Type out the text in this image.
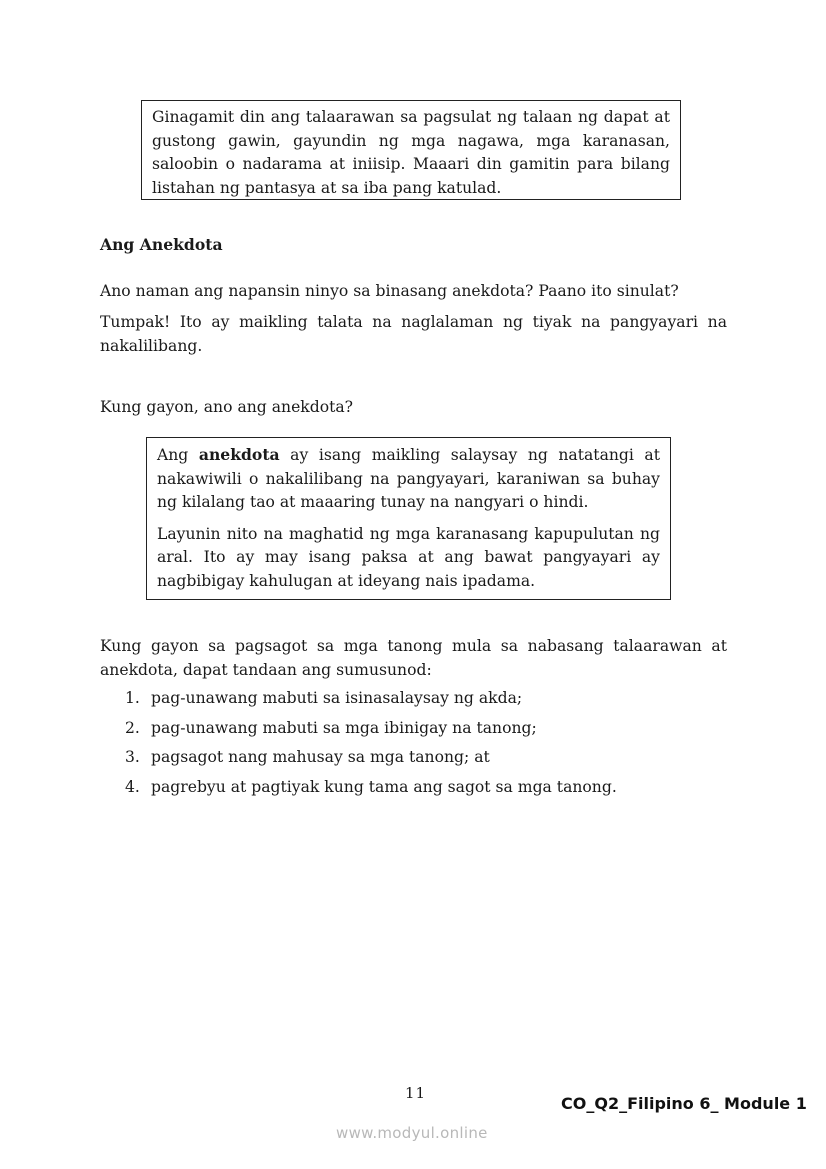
Ginagamit din ang talaarawan sa pagsulat ng talaan ng dapat at gustong gawin, gayundin ng mga nagawa, mga karanasan, saloobin o nadarama at iniisip. Maaari din gamitin para bilang listahan ng pantasya at sa iba pang katulad.

Ang Anekdota

Ano naman ang napansin ninyo sa binasang anekdota? Paano ito sinulat?

Tumpak! Ito ay maikling talata na naglalaman ng tiyak na pangyayari na nakalilibang.

Kung gayon, ano ang anekdota?

Ang anekdota ay isang maikling salaysay ng natatangi at nakawiwili o nakalilibang na pangyayari, karaniwan sa buhay ng kilalang tao at maaaring tunay na nangyari o hindi.

Layunin nito na maghatid ng mga karanasang kapupulutan ng aral. Ito ay may isang paksa at ang bawat pangyayari ay nagbibigay kahulugan at ideyang nais ipadama.

Kung gayon sa pagsagot sa mga tanong mula sa nabasang talaarawan at anekdota, dapat tandaan ang sumusunod:

1. pag-unawang mabuti sa isinasalaysay ng akda;
2. pag-unawang mabuti sa mga ibinigay na tanong;
3. pagsagot nang mahusay sa mga tanong; at
4. pagrebyu at pagtiyak kung tama ang sagot sa mga tanong.
11
CO_Q2_Filipino 6_ Module 1
www.modyul.online
